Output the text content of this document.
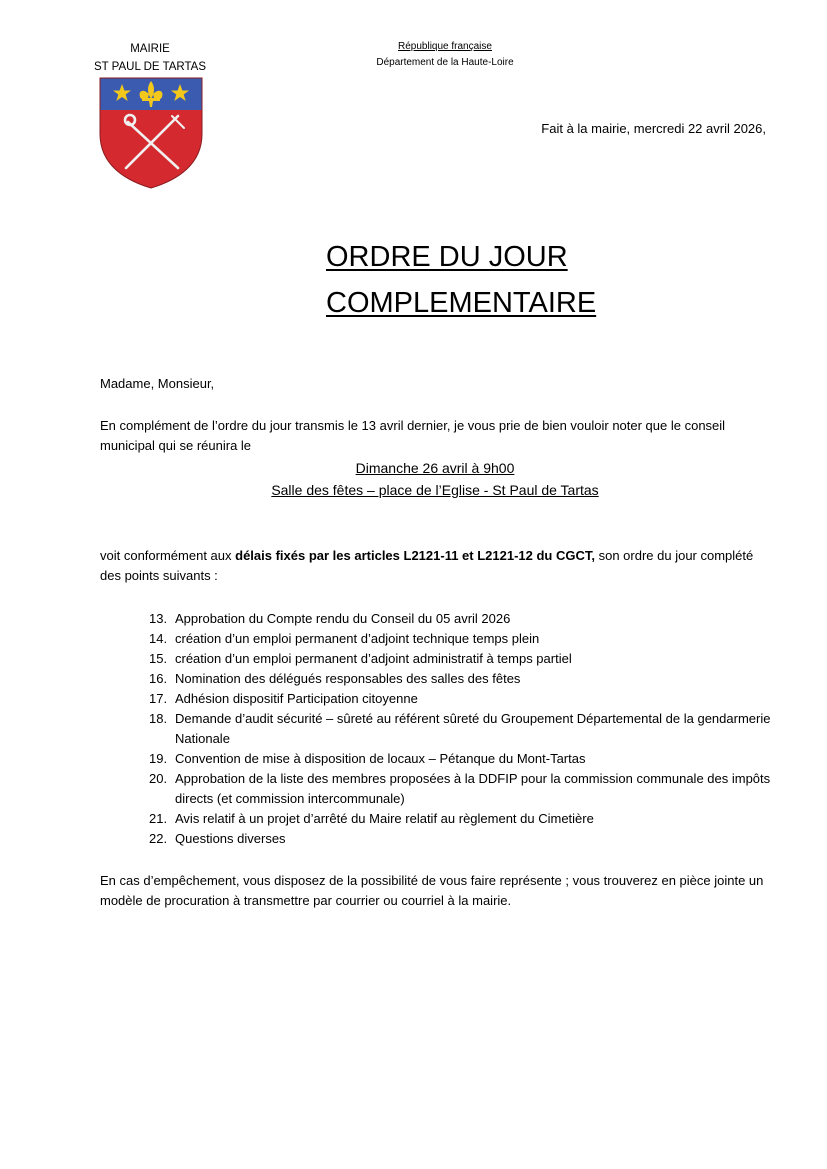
MAIRIE
ST PAUL DE TARTAS
République française
Département de la Haute-Loire
Fait à la mairie, mercredi 22 avril 2026,
ORDRE DU JOUR
COMPLEMENTAIRE
Madame, Monsieur,
En complément de l’ordre du jour transmis le 13 avril dernier, je vous prie de bien vouloir noter que le conseil municipal qui se réunira le
Dimanche 26 avril à 9h00
Salle des fêtes – place de l’Eglise - St Paul de Tartas
voit conformément aux délais fixés par les articles L2121-11 et L2121-12 du CGCT, son ordre du jour complété des points suivants :
13. Approbation du Compte rendu du Conseil du 05 avril 2026
14. création d’un emploi permanent d’adjoint technique temps plein
15. création d’un emploi permanent d’adjoint administratif à temps partiel
16. Nomination des délégués responsables des salles des fêtes
17. Adhésion dispositif Participation citoyenne
18. Demande d’audit sécurité – sûreté au référent sûreté du Groupement Départemental de la gendarmerie Nationale
19. Convention de mise à disposition de locaux – Pétanque du Mont-Tartas
20. Approbation de la liste des membres proposées à la DDFIP pour la commission communale des impôts directs (et commission intercommunale)
21. Avis relatif à un projet d’arrêté du Maire relatif au règlement du Cimetière
22. Questions diverses
En cas d’empêchement, vous disposez de la possibilité de vous faire représente ; vous trouverez en pièce jointe un modèle de procuration à transmettre par courrier ou courriel à la mairie.
